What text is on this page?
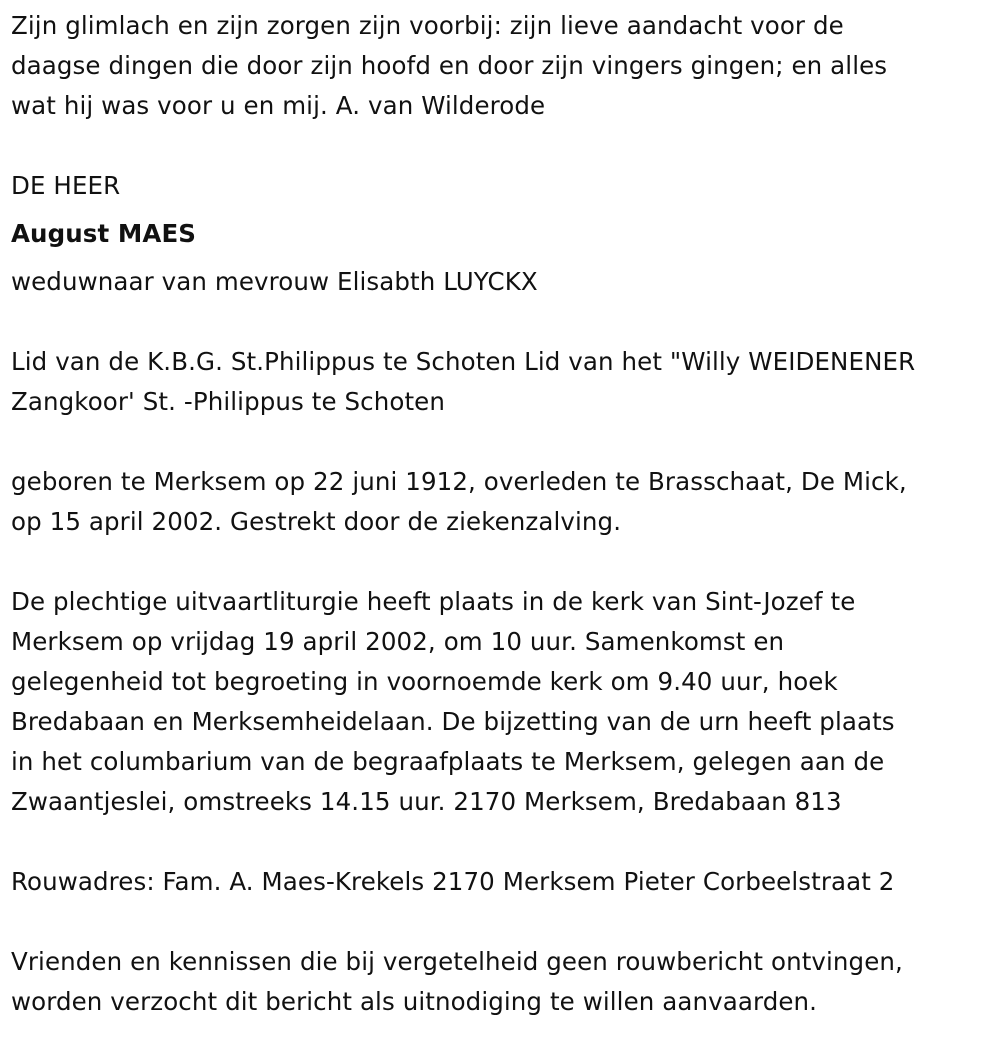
Zijn glimlach en zijn zorgen zijn voorbij: zijn lieve aandacht voor de

daagse dingen die door zijn hoofd en door zijn vingers gingen; en alles

wat hij was voor u en mij. A. van Wilderode

DE HEER

August MAES

weduwnaar van mevrouw Elisabth LUYCKX

Lid van de K.B.G. St.Philippus te Schoten Lid van het "Willy WEIDENENER

Zangkoor' St. -Philippus te Schoten

geboren te Merksem op 22 juni 1912, overleden te Brasschaat, De Mick,

op 15 april 2002. Gestrekt door de ziekenzalving.

De plechtige uitvaartliturgie heeft plaats in de kerk van Sint-Jozef te

Merksem op vrijdag 19 april 2002, om 10 uur. Samenkomst en

gelegenheid tot begroeting in voornoemde kerk om 9.40 uur, hoek

Bredabaan en Merksemheidelaan. De bijzetting van de urn heeft plaats

in het columbarium van de begraafplaats te Merksem, gelegen aan de

Zwaantjeslei, omstreeks 14.15 uur. 2170 Merksem, Bredabaan 813

Rouwadres: Fam. A. Maes-Krekels 2170 Merksem Pieter Corbeelstraat 2

Vrienden en kennissen die bij vergetelheid geen rouwbericht ontvingen,

worden verzocht dit bericht als uitnodiging te willen aanvaarden.
